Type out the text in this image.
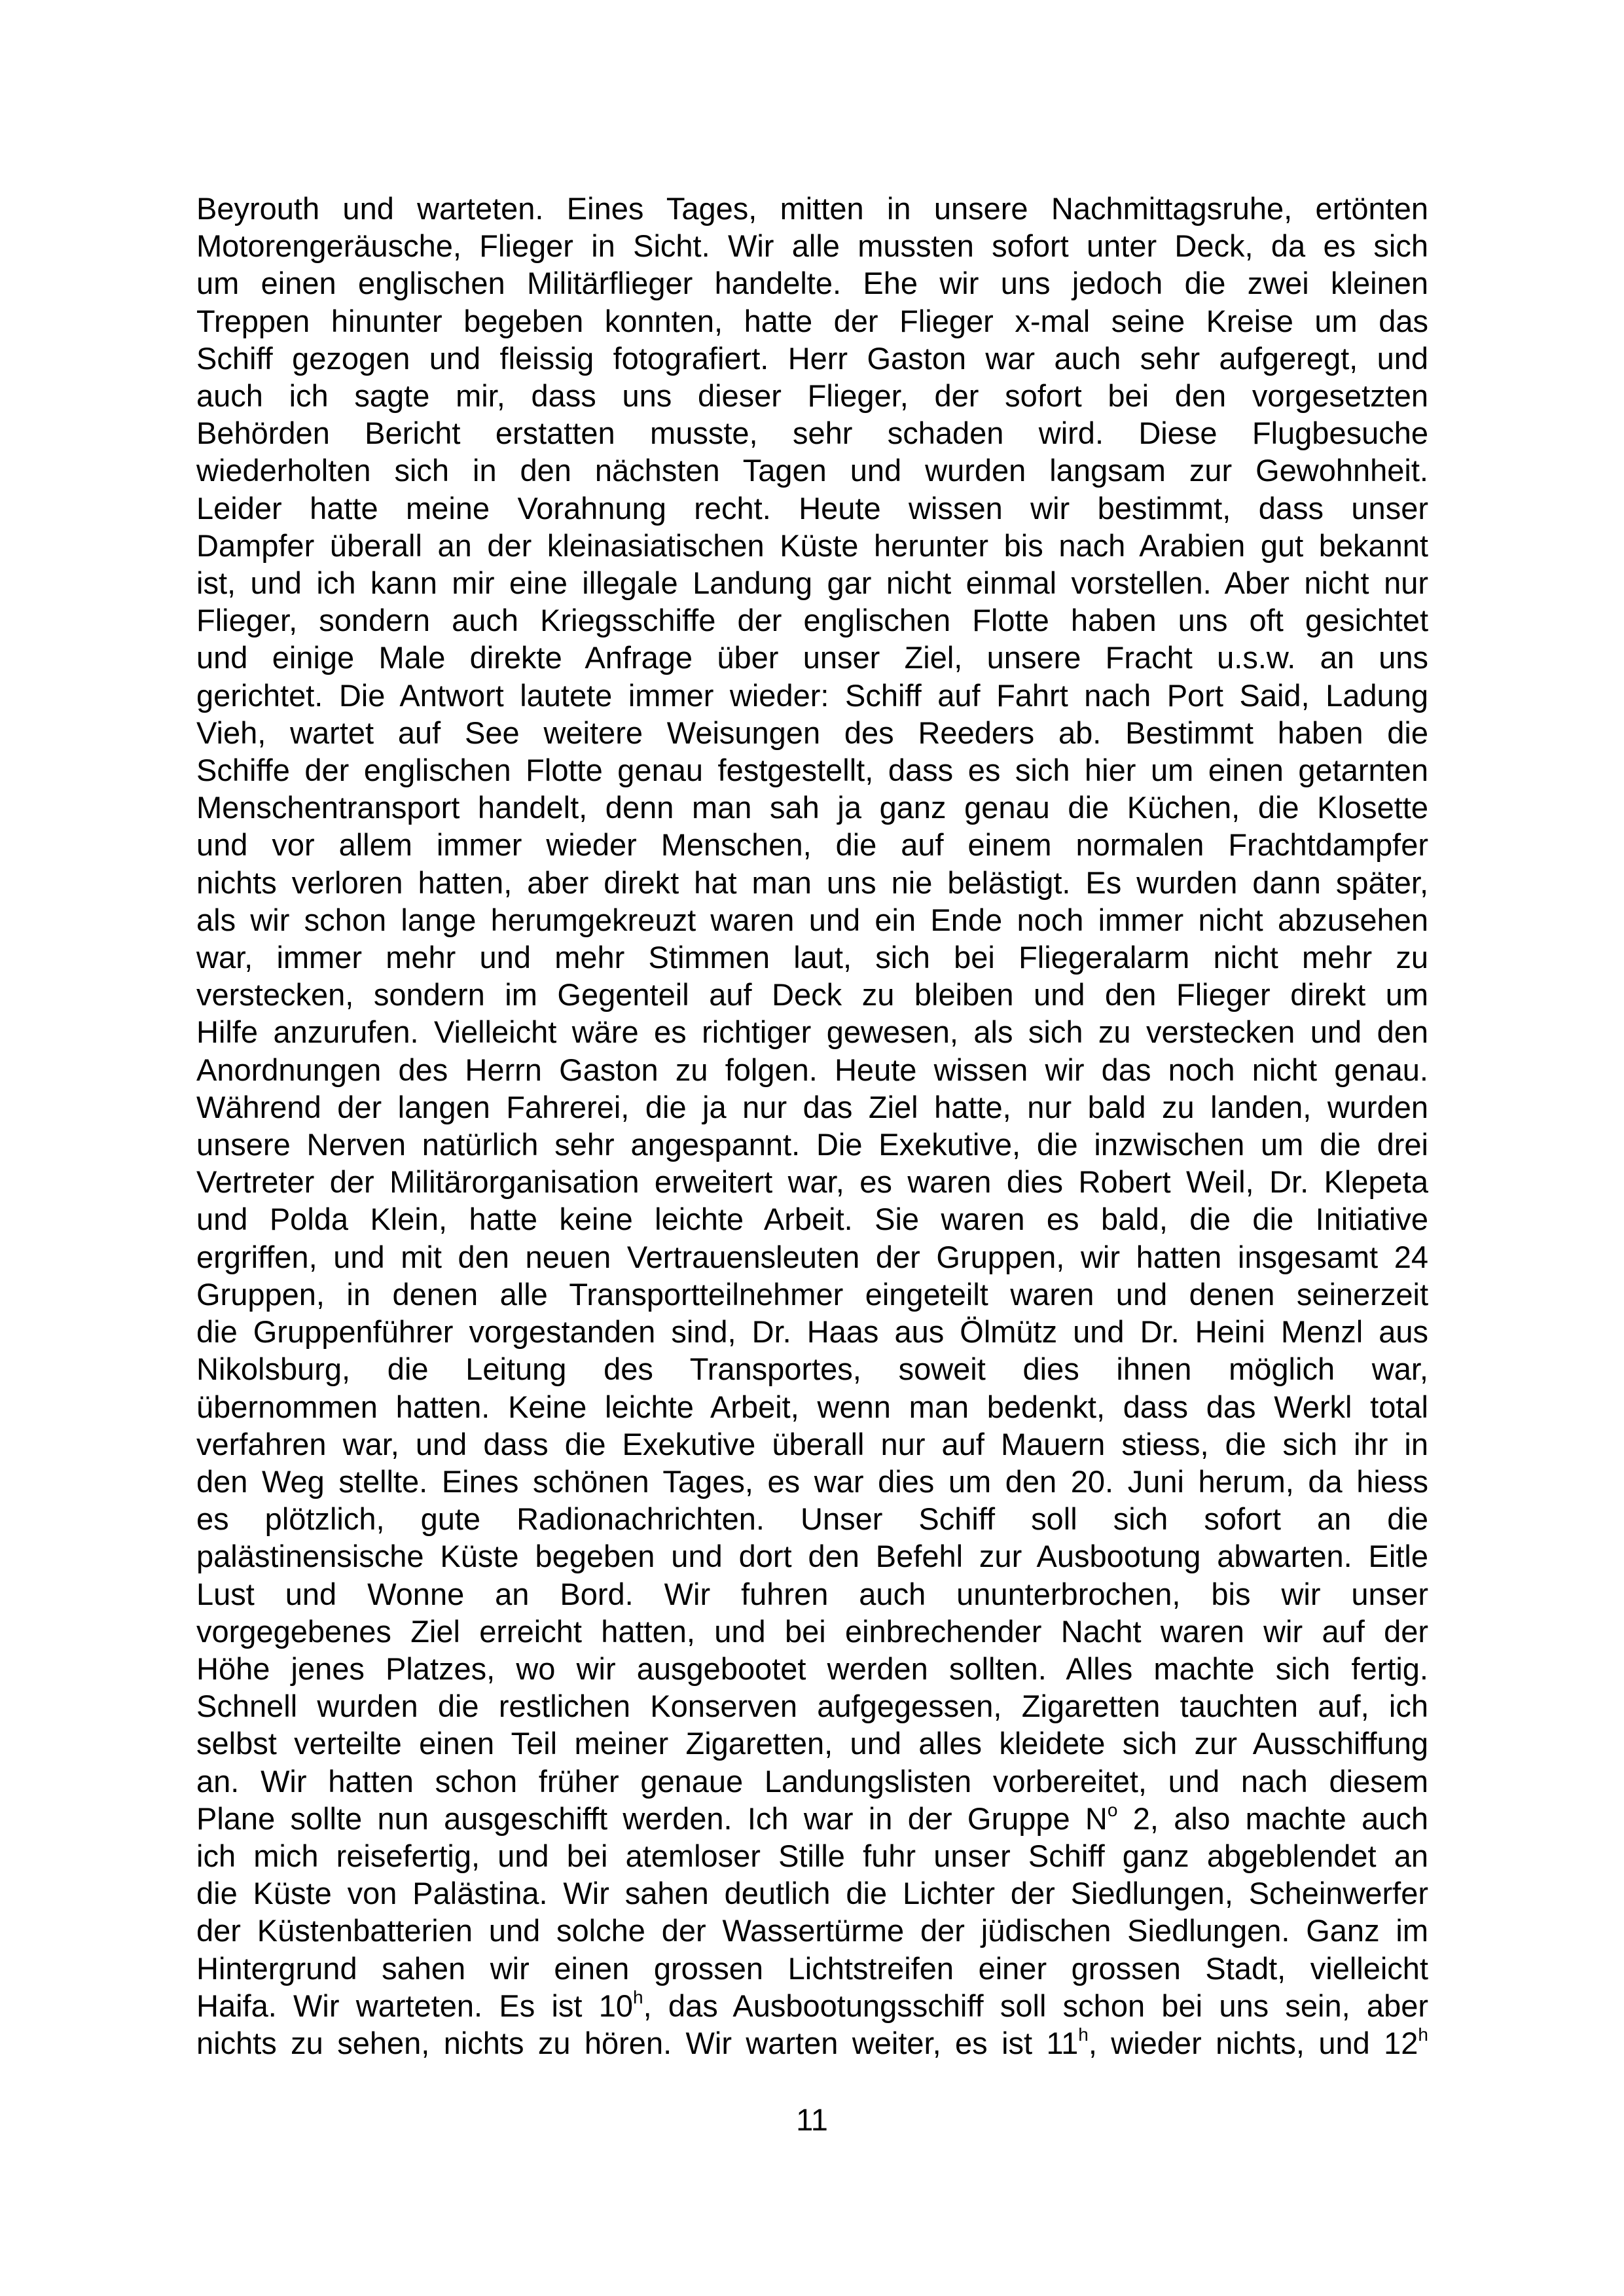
Beyrouth und warteten. Eines Tages, mitten in unsere Nachmittagsruhe, ertönten
Motorengeräusche, Flieger in Sicht. Wir alle mussten sofort unter Deck, da es sich
um einen englischen Militärflieger handelte. Ehe wir uns jedoch die zwei kleinen
Treppen hinunter begeben konnten, hatte der Flieger x-mal seine Kreise um das
Schiff gezogen und fleissig fotografiert. Herr Gaston war auch sehr aufgeregt, und
auch ich sagte mir, dass uns dieser Flieger, der sofort bei den vorgesetzten
Behörden Bericht erstatten musste, sehr schaden wird. Diese Flugbesuche
wiederholten sich in den nächsten Tagen und wurden langsam zur Gewohnheit.
Leider hatte meine Vorahnung recht. Heute wissen wir bestimmt, dass unser
Dampfer überall an der kleinasiatischen Küste herunter bis nach Arabien gut bekannt
ist, und ich kann mir eine illegale Landung gar nicht einmal vorstellen. Aber nicht nur
Flieger, sondern auch Kriegsschiffe der englischen Flotte haben uns oft gesichtet
und einige Male direkte Anfrage über unser Ziel, unsere Fracht u.s.w. an uns
gerichtet. Die Antwort lautete immer wieder: Schiff auf Fahrt nach Port Said, Ladung
Vieh, wartet auf See weitere Weisungen des Reeders ab. Bestimmt haben die
Schiffe der englischen Flotte genau festgestellt, dass es sich hier um einen getarnten
Menschentransport handelt, denn man sah ja ganz genau die Küchen, die Klosette
und vor allem immer wieder Menschen, die auf einem normalen Frachtdampfer
nichts verloren hatten, aber direkt hat man uns nie belästigt. Es wurden dann später,
als wir schon lange herumgekreuzt waren und ein Ende noch immer nicht abzusehen
war, immer mehr und mehr Stimmen laut, sich bei Fliegeralarm nicht mehr zu
verstecken, sondern im Gegenteil auf Deck zu bleiben und den Flieger direkt um
Hilfe anzurufen. Vielleicht wäre es richtiger gewesen, als sich zu verstecken und den
Anordnungen des Herrn Gaston zu folgen. Heute wissen wir das noch nicht genau.
Während der langen Fahrerei, die ja nur das Ziel hatte, nur bald zu landen, wurden
unsere Nerven natürlich sehr angespannt. Die Exekutive, die inzwischen um die drei
Vertreter der Militärorganisation erweitert war, es waren dies Robert Weil, Dr. Klepeta
und Polda Klein, hatte keine leichte Arbeit. Sie waren es bald, die die Initiative
ergriffen, und mit den neuen Vertrauensleuten der Gruppen, wir hatten insgesamt 24
Gruppen, in denen alle Transportteilnehmer eingeteilt waren und denen seinerzeit
die Gruppenführer vorgestanden sind, Dr. Haas aus Ölmütz und Dr. Heini Menzl aus
Nikolsburg, die Leitung des Transportes, soweit dies ihnen möglich war,
übernommen hatten. Keine leichte Arbeit, wenn man bedenkt, dass das Werkl total
verfahren war, und dass die Exekutive überall nur auf Mauern stiess, die sich ihr in
den Weg stellte. Eines schönen Tages, es war dies um den 20. Juni herum, da hiess
es plötzlich, gute Radionachrichten. Unser Schiff soll sich sofort an die
palästinensische Küste begeben und dort den Befehl zur Ausbootung abwarten. Eitle
Lust und Wonne an Bord. Wir fuhren auch ununterbrochen, bis wir unser
vorgegebenes Ziel erreicht hatten, und bei einbrechender Nacht waren wir auf der
Höhe jenes Platzes, wo wir ausgebootet werden sollten. Alles machte sich fertig.
Schnell wurden die restlichen Konserven aufgegessen, Zigaretten tauchten auf, ich
selbst verteilte einen Teil meiner Zigaretten, und alles kleidete sich zur Ausschiffung
an. Wir hatten schon früher genaue Landungslisten vorbereitet, und nach diesem
Plane sollte nun ausgeschifft werden. Ich war in der Gruppe $N^o$ 2, also machte auch
ich mich reisefertig, und bei atemloser Stille fuhr unser Schiff ganz abgeblendet an
die Küste von Palästina. Wir sahen deutlich die Lichter der Siedlungen, Scheinwerfer
der Küstenbatterien und solche der Wassertürme der jüdischen Siedlungen. Ganz im
Hintergrund sahen wir einen grossen Lichtstreifen einer grossen Stadt, vielleicht
Haifa. Wir warteten. Es ist 10$^h$, das Ausbootungsschiff soll schon bei uns sein, aber
nichts zu sehen, nichts zu hören. Wir warten weiter, es ist 11$^h$, wieder nichts, und 12$^h$
11
